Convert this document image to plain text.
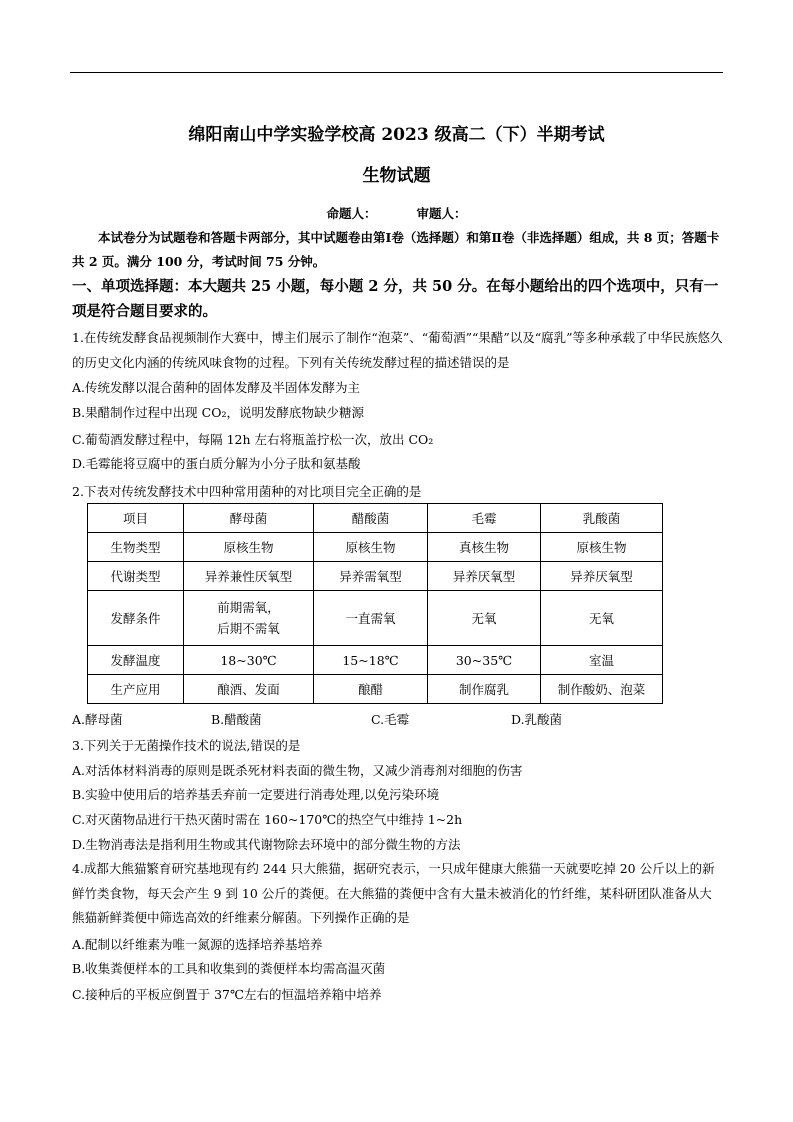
绵阳南山中学实验学校高 2023 级高二（下）半期考试
生物试题
命题人：	审题人：
本试卷分为试题卷和答题卡两部分，其中试题卷由第Ⅰ卷（选择题）和第Ⅱ卷（非选择题）组成，共 8 页；答题卡共 2 页。满分 100 分，考试时间 75 分钟。
一、单项选择题：本大题共 25 小题，每小题 2 分，共 50 分。在每小题给出的四个选项中，只有一项是符合题目要求的。
1.在传统发酵食品视频制作大赛中，博主们展示了制作“泡菜”、“葡萄酒”“果醋”以及“腐乳”等多种承载了中华民族悠久的历史文化内涵的传统风味食物的过程。下列有关传统发酵过程的描述错误的是
A.传统发酵以混合菌种的固体发酵及半固体发酵为主
B.果醋制作过程中出现 CO₂，说明发酵底物缺少糖源
C.葡萄酒发酵过程中，每隔 12h 左右将瓶盖拧松一次，放出 CO₂
D.毛霉能将豆腐中的蛋白质分解为小分子肽和氨基酸
2.下表对传统发酵技术中四种常用菌种的对比项目完全正确的是
项目	酵母菌	醋酸菌	毛霉	乳酸菌
生物类型	原核生物	原核生物	真核生物	原核生物
代谢类型	异养兼性厌氧型	异养需氧型	异养厌氧型	异养厌氧型
发酵条件	前期需氧，
后期不需氧	一直需氧	无氧	无氧
发酵温度	18~30℃	15~18℃	30~35℃	室温
生产应用	酿酒、发面	酿醋	制作腐乳	制作酸奶、泡菜
A.酵母菌	B.醋酸菌	C.毛霉	D.乳酸菌
3.下列关于无菌操作技术的说法,错误的是
A.对活体材料消毒的原则是既杀死材料表面的微生物，又减少消毒剂对细胞的伤害
B.实验中使用后的培养基丢弃前一定要进行消毒处理,以免污染环境
C.对灭菌物品进行干热灭菌时需在 160~170℃的热空气中维持 1~2h
D.生物消毒法是指利用生物或其代谢物除去环境中的部分微生物的方法
4.成都大熊猫繁育研究基地现有约 244 只大熊猫，据研究表示，一只成年健康大熊猫一天就要吃掉 20 公斤以上的新鲜竹类食物，每天会产生 9 到 10 公斤的粪便。在大熊猫的粪便中含有大量未被消化的竹纤维，某科研团队准备从大熊猫新鲜粪便中筛选高效的纤维素分解菌。下列操作正确的是
A.配制以纤维素为唯一氮源的选择培养基培养
B.收集粪便样本的工具和收集到的粪便样本均需高温灭菌
C.接种后的平板应倒置于 37℃左右的恒温培养箱中培养
